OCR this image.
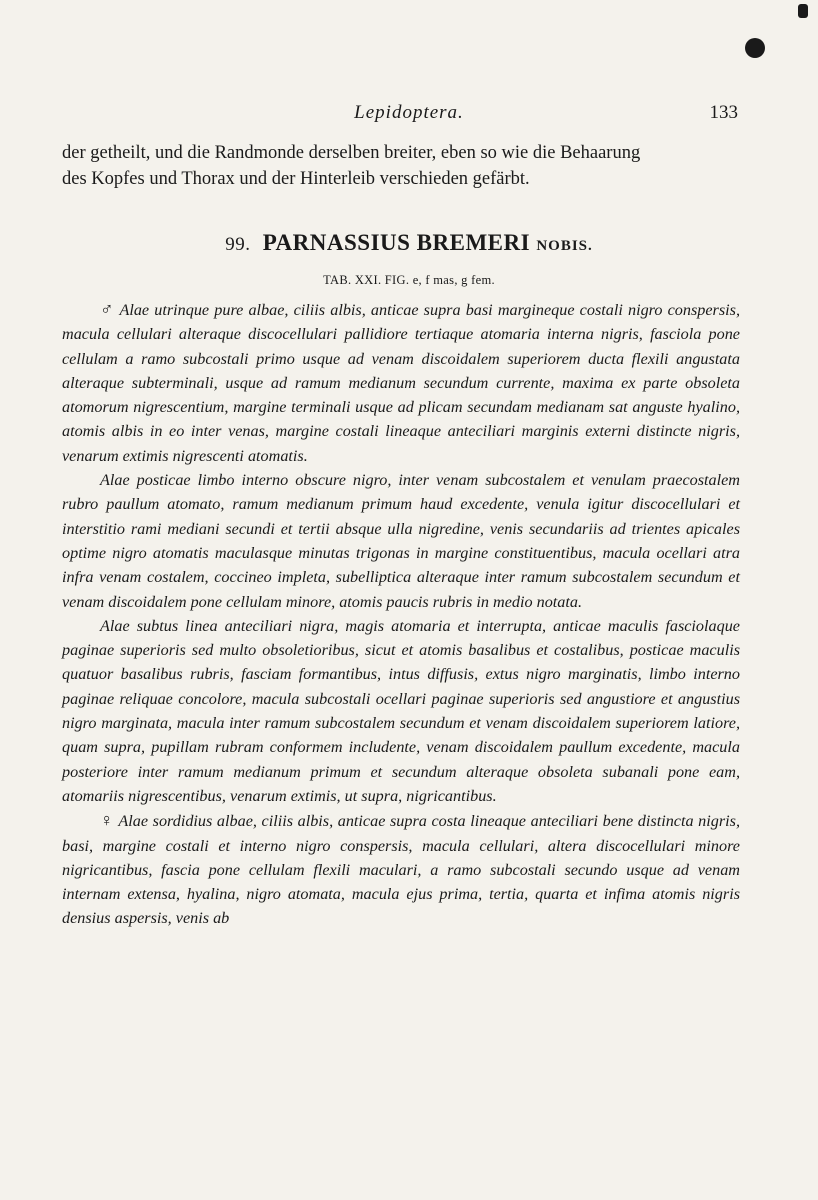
Lepidoptera.	133
der getheilt, und die Randmonde derselben breiter, eben so wie die Behaarung
des Kopfes und Thorax und der Hinterleib verschieden gefärbt.
99. PARNASSIUS BREMERI NOBIS.
TAB. XXI. FIG. e, f mas, g fem.

♂ Alae utrinque pure albae, ciliis albis, anticae supra basi margineque costali nigro conspersis, macula cellulari alteraque discocellulari pallidiore tertiaque atomaria interna nigris, fasciola pone cellulam a ramo subcostali primo usque ad venam discoidalem superiorem ducta flexili angustata alteraque subterminali, usque ad ramum medianum secundum currente, maxima ex parte obsoleta atomorum nigrescentium, margine terminali usque ad plicam secundam medianam sat anguste hyalino, atomis albis in eo inter venas, margine costali lineaque anteciliari marginis externi distincte nigris, venarum extimis nigrescenti atomatis.

Alae posticae limbo interno obscure nigro, inter venam subcostalem et venulam praecostalem rubro paullum atomato, ramum medianum primum haud excedente, venula igitur discocellulari et interstitio rami mediani secundi et tertii absque ulla nigredine, venis secundariis ad trientes apicales optime nigro atomatis maculasque minutas trigonas in margine constituentibus, macula ocellari atra infra venam costalem, coccineo impleta, subelliptica alteraque inter ramum subcostalem secundum et venam discoidalem pone cellulam minore, atomis paucis rubris in medio notata.

Alae subtus linea anteciliari nigra, magis atomaria et interrupta, anticae maculis fasciolaque paginae superioris sed multo obsoletioribus, sicut et atomis basalibus et costalibus, posticae maculis quatuor basalibus rubris, fasciam formantibus, intus diffusis, extus nigro marginatis, limbo interno paginae reliquae concolore, macula subcostali ocellari paginae superioris sed angustiore et angustius nigro marginata, macula inter ramum subcostalem secundum et venam discoidalem superiorem latiore, quam supra, pupillam rubram conformem includente, venam discoidalem paullum excedente, macula posteriore inter ramum medianum primum et secundum alteraque obsoleta subanali pone eam, atomariis nigrescentibus, venarum extimis, ut supra, nigricantibus.

♀ Alae sordidius albae, ciliis albis, anticae supra costa lineaque anteciliari bene distincta nigris, basi, margine costali et interno nigro conspersis, macula cellulari, altera discocellulari minore nigricantibus, fascia pone cellulam flexili maculari, a ramo subcostali secundo usque ad venam internam extensa, hyalina, nigro atomata, macula ejus prima, tertia, quarta et infima atomis nigris densius aspersis, venis ab
